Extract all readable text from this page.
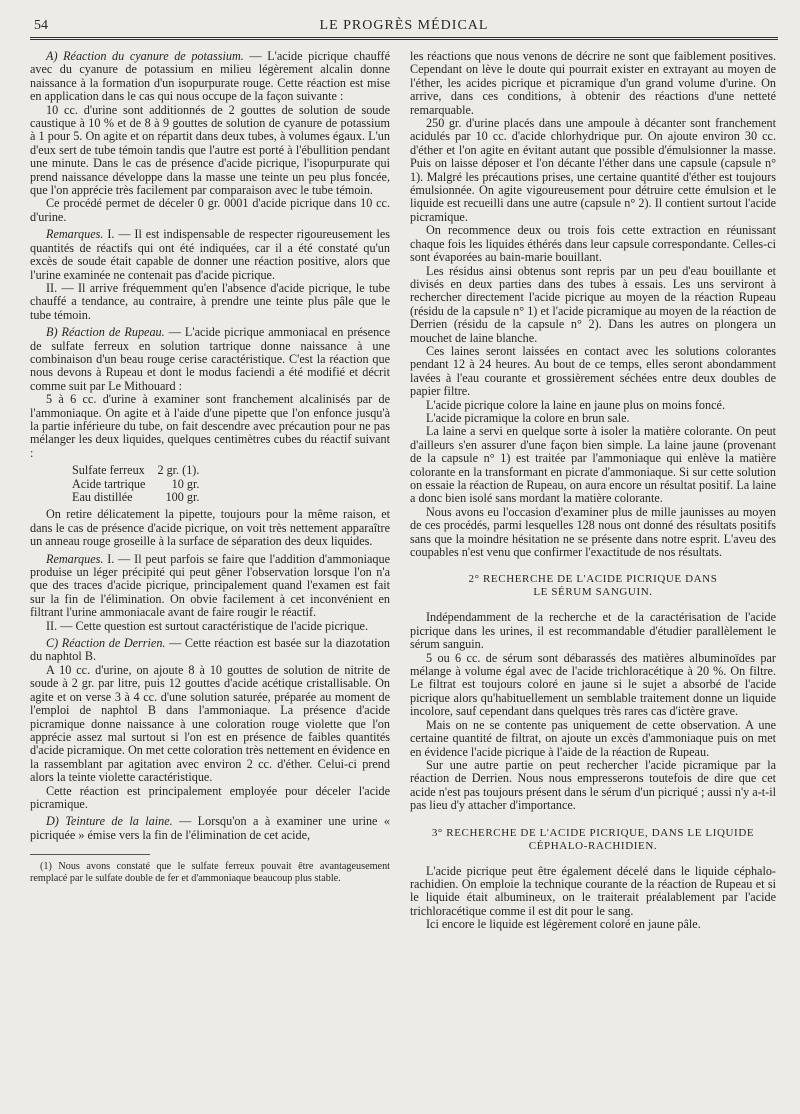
54	LE PROGRÈS MÉDICAL

A) Réaction du cyanure de potassium. — L'acide picrique chauffé avec du cyanure de potassium en milieu légèrement alcalin donne naissance à la formation d'un isopurpurate rouge. Cette réaction est mise en application dans le cas qui nous occupe de la façon suivante :

10 cc. d'urine sont additionnés de 2 gouttes de solution de soude caustique à 10 % et de 8 à 9 gouttes de solution de cyanure de potassium à 1 pour 5. On agite et on répartit dans deux tubes, à volumes égaux. L'un d'eux sert de tube témoin tandis que l'autre est porté à l'ébullition pendant une minute. Dans le cas de présence d'acide picrique, l'isopurpurate qui prend naissance développe dans la masse une teinte un peu plus foncée, que l'on apprécie très facilement par comparaison avec le tube témoin.

Ce procédé permet de déceler 0 gr. 0001 d'acide picrique dans 10 cc. d'urine.

Remarques. I. — Il est indispensable de respecter rigoureusement les quantités de réactifs qui ont été indiquées, car il a été constaté qu'un excès de soude était capable de donner une réaction positive, alors que l'urine examinée ne contenait pas d'acide picrique.

II. — Il arrive fréquemment qu'en l'absence d'acide picrique, le tube chauffé a tendance, au contraire, à prendre une teinte plus pâle que le tube témoin.

B) Réaction de Rupeau. — L'acide picrique ammoniacal en présence de sulfate ferreux en solution tartrique donne naissance à une combinaison d'un beau rouge cerise caractéristique. C'est la réaction que nous devons à Rupeau et dont le modus faciendi a été modifié et décrit comme suit par Le Mithouard :

5 à 6 cc. d'urine à examiner sont franchement alcalinisés par de l'ammoniaque. On agite et à l'aide d'une pipette que l'on enfonce jusqu'à la partie inférieure du tube, on fait descendre avec précaution pour ne pas mélanger les deux liquides, quelques centimètres cubes du réactif suivant :

Sulfate ferreux	2 gr. (1).
Acide tartrique	10 gr.
Eau distillée	100 gr.

On retire délicatement la pipette, toujours pour la même raison, et dans le cas de présence d'acide picrique, on voit très nettement apparaître un anneau rouge groseille à la surface de séparation des deux liquides.

Remarques. I. — Il peut parfois se faire que l'addition d'ammoniaque produise un léger précipité qui peut gêner l'observation lorsque l'on n'a que des traces d'acide picrique, principalement quand l'examen est fait sur la fin de l'élimination. On obvie facilement à cet inconvénient en filtrant l'urine ammoniacale avant de faire rougir le réactif.

II. — Cette question est surtout caractéristique de l'acide picrique.

C) Réaction de Derrien. — Cette réaction est basée sur la diazotation du naphtol B.

A 10 cc. d'urine, on ajoute 8 à 10 gouttes de solution de nitrite de soude à 2 gr. par litre, puis 12 gouttes d'acide acétique cristallisable. On agite et on verse 3 à 4 cc. d'une solution saturée, préparée au moment de l'emploi de naphtol B dans l'ammoniaque. La présence d'acide picramique donne naissance à une coloration rouge violette que l'on apprécie assez mal surtout si l'on est en présence de faibles quantités d'acide picramique. On met cette coloration très nettement en évidence en la rassemblant par agitation avec environ 2 cc. d'éther. Celui-ci prend alors la teinte violette caractéristique.

Cette réaction est principalement employée pour déceler l'acide picramique.

D) Teinture de la laine. — Lorsqu'on a à examiner une urine « picriquée » émise vers la fin de l'élimination de cet acide,

(1) Nous avons constaté que le sulfate ferreux pouvait être avantageusement remplacé par le sulfate double de fer et d'ammoniaque beaucoup plus stable.

les réactions que nous venons de décrire ne sont que faiblement positives. Cependant on lève le doute qui pourrait exister en extrayant au moyen de l'éther, les acides picrique et picramique d'un grand volume d'urine. On arrive, dans ces conditions, à obtenir des réactions d'une netteté remarquable.

250 gr. d'urine placés dans une ampoule à décanter sont franchement acidulés par 10 cc. d'acide chlorhydrique pur. On ajoute environ 30 cc. d'éther et l'on agite en évitant autant que possible d'émulsionner la masse. Puis on laisse déposer et l'on décante l'éther dans une capsule (capsule n° 1). Malgré les précautions prises, une certaine quantité d'éther est toujours émulsionnée. On agite vigoureusement pour détruire cette émulsion et le liquide est recueilli dans une autre (capsule n° 2). Il contient surtout l'acide picramique.

On recommence deux ou trois fois cette extraction en réunissant chaque fois les liquides éthérés dans leur capsule correspondante. Celles-ci sont évaporées au bain-marie bouillant.

Les résidus ainsi obtenus sont repris par un peu d'eau bouillante et divisés en deux parties dans des tubes à essais. Les uns serviront à rechercher directement l'acide picrique au moyen de la réaction Rupeau (résidu de la capsule n° 1) et l'acide picramique au moyen de la réaction de Derrien (résidu de la capsule n° 2). Dans les autres on plongera un mouchet de laine blanche.

Ces laines seront laissées en contact avec les solutions colorantes pendant 12 à 24 heures. Au bout de ce temps, elles seront abondamment lavées à l'eau courante et grossièrement séchées entre deux doubles de papier filtre.

L'acide picrique colore la laine en jaune plus on moins foncé.

L'acide picramique la colore en brun sale.

La laine a servi en quelque sorte à isoler la matière colorante. On peut d'ailleurs s'en assurer d'une façon bien simple. La laine jaune (provenant de la capsule n° 1) est traitée par l'ammoniaque qui enlève la matière colorante en la transformant en picrate d'ammoniaque. Si sur cette solution on essaie la réaction de Rupeau, on aura encore un résultat positif. La laine a donc bien isolé sans mordant la matière colorante.

Nous avons eu l'occasion d'examiner plus de mille jaunisses au moyen de ces procédés, parmi lesquelles 128 nous ont donné des résultats positifs sans que la moindre hésitation ne se présente dans notre esprit. L'aveu des coupables n'est venu que confirmer l'exactitude de nos résultats.

2° RECHERCHE DE L'ACIDE PICRIQUE DANS
LE SÉRUM SANGUIN.

Indépendamment de la recherche et de la caractérisation de l'acide picrique dans les urines, il est recommandable d'étudier parallèlement le sérum sanguin.

5 ou 6 cc. de sérum sont débarassés des matières albuminoïdes par mélange à volume égal avec de l'acide trichloracétique à 20 %. On filtre. Le filtrat est toujours coloré en jaune si le sujet a absorbé de l'acide picrique alors qu'habituellement un semblable traitement donne un liquide incolore, sauf cependant dans quelques très rares cas d'ictère grave.

Mais on ne se contente pas uniquement de cette observation. A une certaine quantité de filtrat, on ajoute un excès d'ammoniaque puis on met en évidence l'acide picrique à l'aide de la réaction de Rupeau.

Sur une autre partie on peut rechercher l'acide picramique par la réaction de Derrien. Nous nous empresserons toutefois de dire que cet acide n'est pas toujours présent dans le sérum d'un picriqué ; aussi n'y a-t-il pas lieu d'y attacher d'importance.

3° RECHERCHE DE L'ACIDE PICRIQUE, DANS LE LIQUIDE
CÉPHALO-RACHIDIEN.

L'acide picrique peut être également décelé dans le liquide céphalo-rachidien. On emploie la technique courante de la réaction de Rupeau et si le liquide était albumineux, on le traiterait préalablement par l'acide trichloracétique comme il est dit pour le sang.

Ici encore le liquide est légèrement coloré en jaune pâle.
